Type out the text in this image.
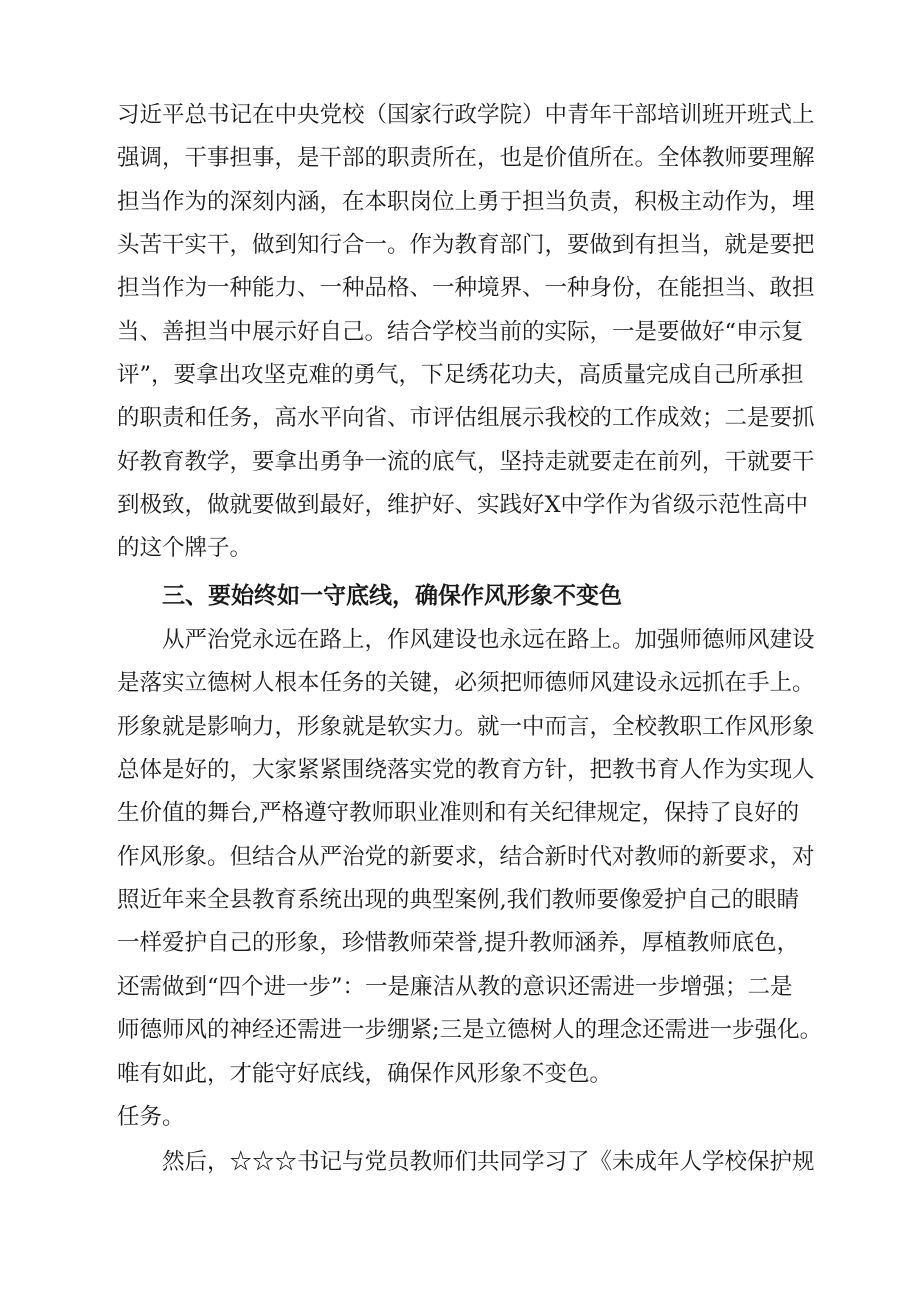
习近平总书记在中央党校（国家行政学院）中青年干部培训班开班式上
强调，干事担事，是干部的职责所在，也是价值所在。全体教师要理解
担当作为的深刻内涵，在本职岗位上勇于担当负责，积极主动作为，埋
头苦干实干，做到知行合一。作为教育部门，要做到有担当，就是要把
担当作为一种能力、一种品格、一种境界、一种身份，在能担当、敢担
当、善担当中展示好自己。结合学校当前的实际，一是要做好“申示复
评”，要拿出攻坚克难的勇气，下足绣花功夫，高质量完成自己所承担
的职责和任务，高水平向省、市评估组展示我校的工作成效；二是要抓
好教育教学，要拿出勇争一流的底气，坚持走就要走在前列，干就要干
到极致，做就要做到最好，维护好、实践好X中学作为省级示范性高中
的这个牌子。
三、要始终如一守底线，确保作风形象不变色
从严治党永远在路上，作风建设也永远在路上。加强师德师风建设
是落实立德树人根本任务的关键，必须把师德师风建设永远抓在手上。
形象就是影响力，形象就是软实力。就一中而言，全校教职工作风形象
总体是好的，大家紧紧围绕落实党的教育方针，把教书育人作为实现人
生价值的舞台,严格遵守教师职业准则和有关纪律规定，保持了良好的
作风形象。但结合从严治党的新要求，结合新时代对教师的新要求，对
照近年来全县教育系统出现的典型案例,我们教师要像爱护自己的眼睛
一样爱护自己的形象，珍惜教师荣誉,提升教师涵养，厚植教师底色，
还需做到“四个进一步”：一是廉洁从教的意识还需进一步增强；二是
师德师风的神经还需进一步绷紧;三是立德树人的理念还需进一步强化。
唯有如此，才能守好底线，确保作风形象不变色。
任务。
然后，☆☆☆书记与党员教师们共同学习了《未成年人学校保护规
